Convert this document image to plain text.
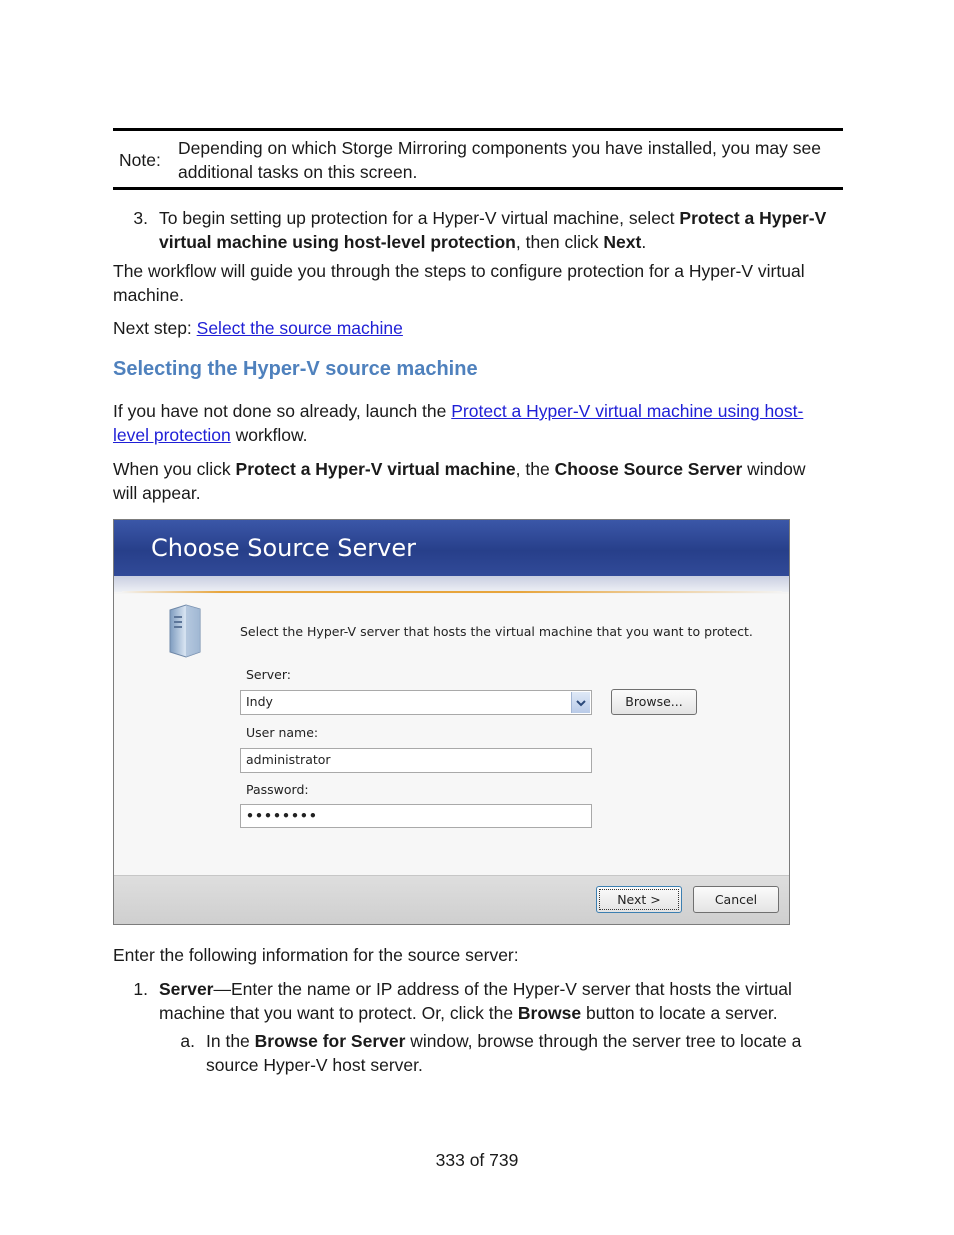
Note:
Depending on which Storge Mirroring components you have installed, you may see additional tasks on this screen.
3. To begin setting up protection for a Hyper-V virtual machine, select Protect a Hyper-V virtual machine using host-level protection, then click Next.
The workflow will guide you through the steps to configure protection for a Hyper-V virtual machine.
Next step: Select the source machine
Selecting the Hyper-V source machine
If you have not done so already, launch the Protect a Hyper-V virtual machine using host-level protection workflow.
When you click Protect a Hyper-V virtual machine, the Choose Source Server window will appear.
Choose Source Server
Select the Hyper-V server that hosts the virtual machine that you want to protect.
Server:
Indy	Browse...
User name:
administrator
Password:
••••••••
Next >	Cancel
Enter the following information for the source server:
1. Server—Enter the name or IP address of the Hyper-V server that hosts the virtual machine that you want to protect. Or, click the Browse button to locate a server.
a. In the Browse for Server window, browse through the server tree to locate a source Hyper-V host server.
333 of 739
